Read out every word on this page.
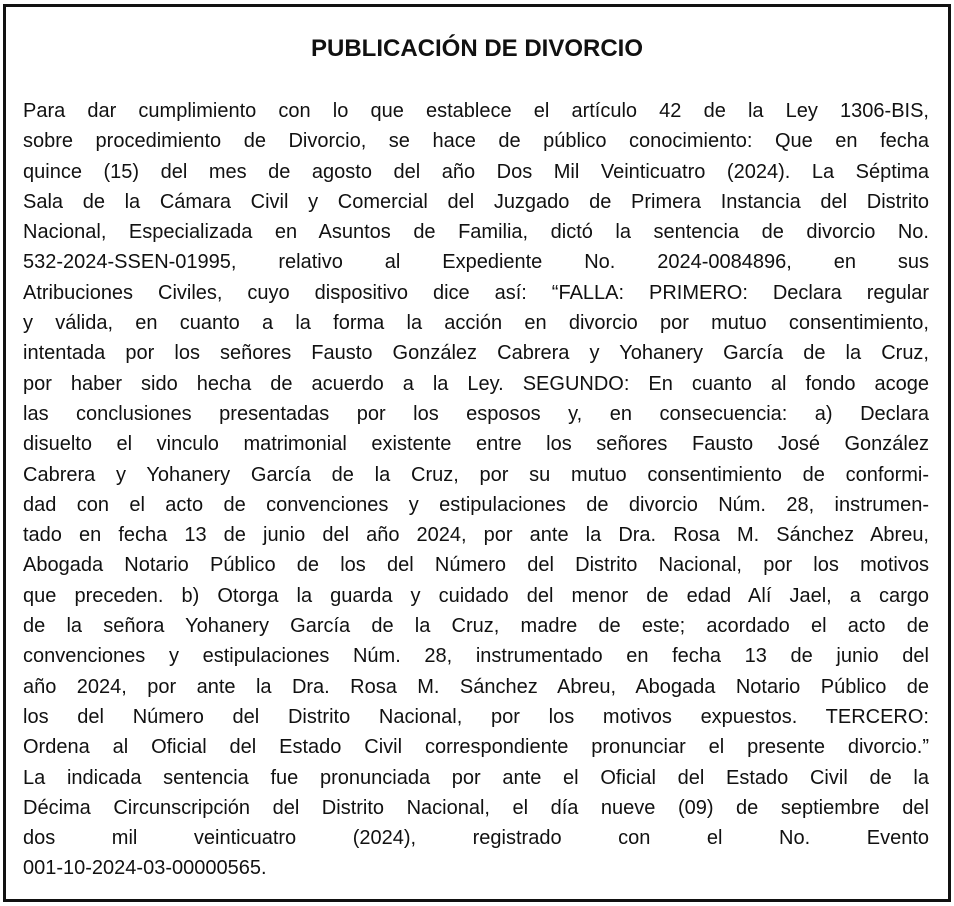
PUBLICACIÓN DE DIVORCIO
Para dar cumplimiento con lo que establece el artículo 42 de la Ley 1306-BIS,
sobre procedimiento de Divorcio, se hace de público conocimiento: Que en fecha
quince (15) del mes de agosto del año Dos Mil Veinticuatro (2024). La Séptima
Sala de la Cámara Civil y Comercial del Juzgado de Primera Instancia del Distrito
Nacional, Especializada en Asuntos de Familia, dictó la sentencia de divorcio No.
532-2024-SSEN-01995, relativo al Expediente No. 2024-0084896, en sus
Atribuciones Civiles, cuyo dispositivo dice así: “FALLA: PRIMERO: Declara regular
y válida, en cuanto a la forma la acción en divorcio por mutuo consentimiento,
intentada por los señores Fausto González Cabrera y Yohanery García de la Cruz,
por haber sido hecha de acuerdo a la Ley. SEGUNDO: En cuanto al fondo acoge
las conclusiones presentadas por los esposos y, en consecuencia: a) Declara
disuelto el vinculo matrimonial existente entre los señores Fausto José González
Cabrera y Yohanery García de la Cruz, por su mutuo consentimiento de conformi-
dad con el acto de convenciones y estipulaciones de divorcio Núm. 28, instrumen-
tado en fecha 13 de junio del año 2024, por ante la Dra. Rosa M. Sánchez Abreu,
Abogada Notario Público de los del Número del Distrito Nacional, por los motivos
que preceden. b) Otorga la guarda y cuidado del menor de edad Alí Jael, a cargo
de la señora Yohanery García de la Cruz, madre de este; acordado el acto de
convenciones y estipulaciones Núm. 28, instrumentado en fecha 13 de junio del
año 2024, por ante la Dra. Rosa M. Sánchez Abreu, Abogada Notario Público de
los del Número del Distrito Nacional, por los motivos expuestos. TERCERO:
Ordena al Oficial del Estado Civil correspondiente pronunciar el presente divorcio.”
La indicada sentencia fue pronunciada por ante el Oficial del Estado Civil de la
Décima Circunscripción del Distrito Nacional, el día nueve (09) de septiembre del
dos mil veinticuatro (2024), registrado con el No. Evento
001-10-2024-03-00000565.
